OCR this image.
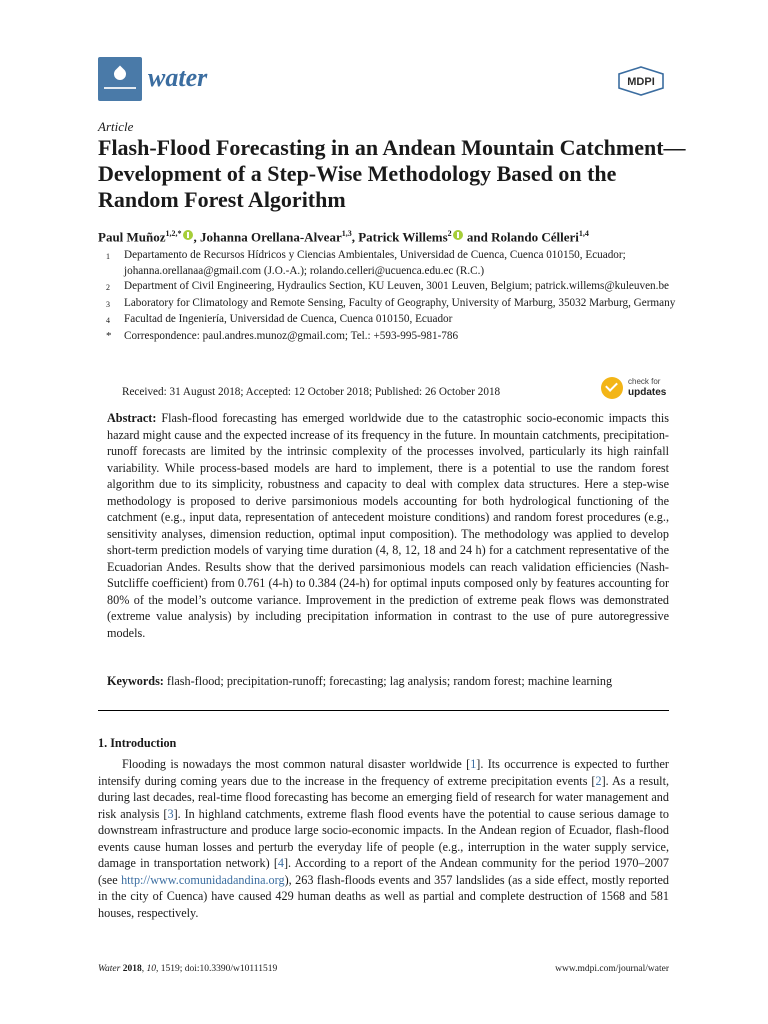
water	MDPI
Article
Flash-Flood Forecasting in an Andean Mountain Catchment—Development of a Step-Wise Methodology Based on the Random Forest Algorithm
Paul Muñoz$^{1,2,*}$ , Johanna Orellana-Alvear$^{1,3}$, Patrick Willems$^2$ and Rolando Célleri$^{1,4}$
1	Departamento de Recursos Hídricos y Ciencias Ambientales, Universidad de Cuenca, Cuenca 010150, Ecuador; johanna.orellanaa@gmail.com (J.O.-A.); rolando.celleri@ucuenca.edu.ec (R.C.)
2	Department of Civil Engineering, Hydraulics Section, KU Leuven, 3001 Leuven, Belgium; patrick.willems@kuleuven.be
3	Laboratory for Climatology and Remote Sensing, Faculty of Geography, University of Marburg, 35032 Marburg, Germany
4	Facultad de Ingeniería, Universidad de Cuenca, Cuenca 010150, Ecuador
*	Correspondence: paul.andres.munoz@gmail.com; Tel.: +593-995-981-786
Received: 31 August 2018; Accepted: 12 October 2018; Published: 26 October 2018
check for
updates

Abstract: Flash-flood forecasting has emerged worldwide due to the catastrophic socio-economic impacts this hazard might cause and the expected increase of its frequency in the future. In mountain catchments, precipitation-runoff forecasts are limited by the intrinsic complexity of the processes involved, particularly its high rainfall variability. While process-based models are hard to implement, there is a potential to use the random forest algorithm due to its simplicity, robustness and capacity to deal with complex data structures. Here a step-wise methodology is proposed to derive parsimonious models accounting for both hydrological functioning of the catchment (e.g., input data, representation of antecedent moisture conditions) and random forest procedures (e.g., sensitivity analyses, dimension reduction, optimal input composition). The methodology was applied to develop short-term prediction models of varying time duration (4, 8, 12, 18 and 24 h) for a catchment representative of the Ecuadorian Andes. Results show that the derived parsimonious models can reach validation efficiencies (Nash-Sutcliffe coefficient) from 0.761 (4-h) to 0.384 (24-h) for optimal inputs composed only by features accounting for 80% of the model’s outcome variance. Improvement in the prediction of extreme peak flows was demonstrated (extreme value analysis) by including precipitation information in contrast to the use of pure autoregressive models.

Keywords: flash-flood; precipitation-runoff; forecasting; lag analysis; random forest; machine learning
1. Introduction

Flooding is nowadays the most common natural disaster worldwide [1]. Its occurrence is expected to further intensify during coming years due to the increase in the frequency of extreme precipitation events [2]. As a result, during last decades, real-time flood forecasting has become an emerging field of research for water management and risk analysis [3]. In highland catchments, extreme flash flood events have the potential to cause serious damage to downstream infrastructure and produce large socio-economic impacts. In the Andean region of Ecuador, flash-flood events cause human losses and perturb the everyday life of people (e.g., interruption in the water supply service, damage in transportation network) [4]. According to a report of the Andean community for the period 1970–2007 (see http://www.comunidadandina.org), 263 flash-floods events and 357 landslides (as a side effect, mostly reported in the city of Cuenca) have caused 429 human deaths as well as partial and complete destruction of 1568 and 581 houses, respectively.

Water 2018, 10, 1519; doi:10.3390/w10111519	www.mdpi.com/journal/water
